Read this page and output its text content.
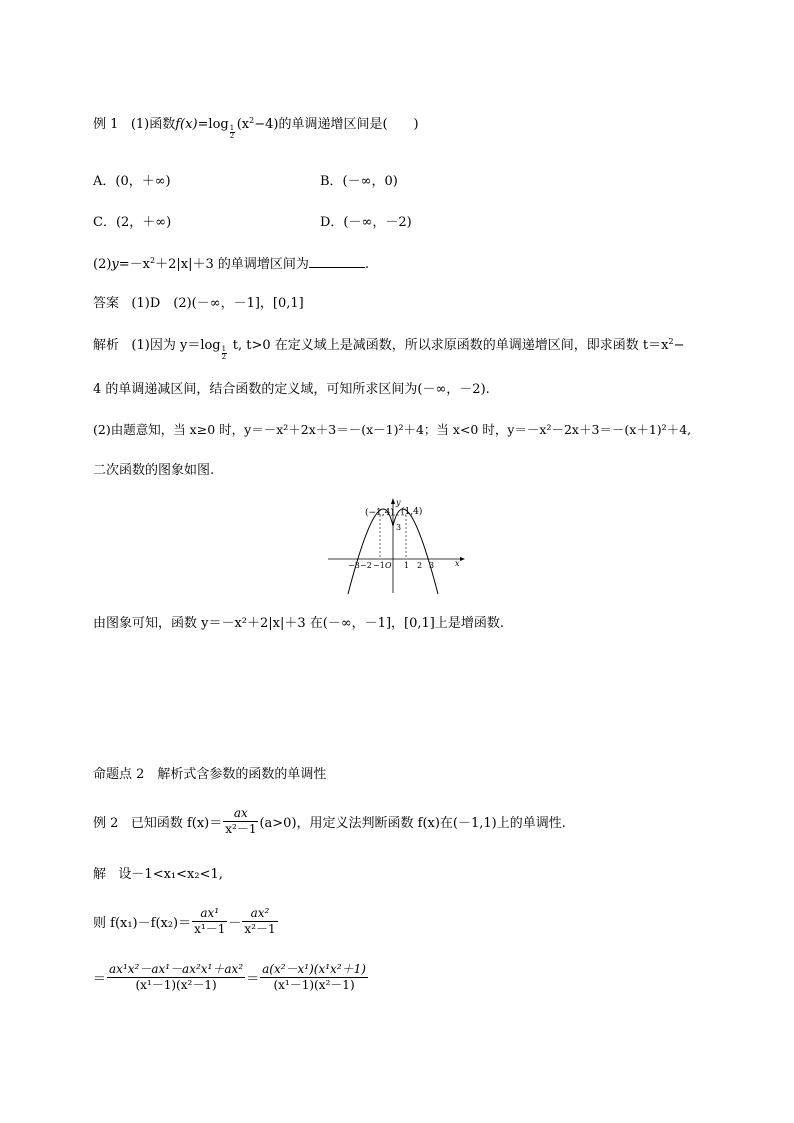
例 1 (1)函数$f(x)=\log \frac{1}{2} (x^2-4)$的单调递增区间是(　　)
A．(0，＋∞)	B．(－∞，0)
C．(2，＋∞)	D．(－∞，－2)
$(2)y=-x^2+2|x|+3$ 的单调增区间为	.
答案 (1)D　(2)(－∞，－1]，[0,1]
解析 (1)因为 $y=\log \frac{1}{2} t$, t>0 在定义域上是减函数，所以求原函数的单调递增区间，即求函数 $t=x^2-$
4 的单调递减区间，结合函数的定义域，可知所求区间为(－∞，－2).
(2)由题意知，当 x≥0 时，y＝－x²＋2x＋3＝－(x－1)²＋4；当 x<0 时，y＝－x²－2x＋3＝－(x＋1)²＋4,
二次函数的图象如图.
(−1,4) (1,4)
y
x
3
O
−3 −2 −1 1 2 3
由图象可知，函数 y＝－x²＋2|x|＋3 在(－∞，－1]，[0,1]上是增函数.
命题点 2　解析式含参数的函数的单调性
例 2
已知函数 $f(x)= \frac{ax}{\text{x²－1}} (a>0)$，用定义法判断函数 f(x)在(－1,1)上的单调性.
解 设－1<x₁<x₂<1,
则 $f(x_1)-f(x_2)= \frac{\text{ax¹}}{\text{x¹－1}} - \frac{\text{ax²}}{\text{x²－1}}$
＝ $\frac{\text{ax¹x²－ax¹－ax²x¹＋ax²}}{\text{(x¹－1)(x²－1)}} = \frac{\text{a(x²－x¹)(x¹x²＋1)}}{\text{(x¹－1)(x²－1)}}$
